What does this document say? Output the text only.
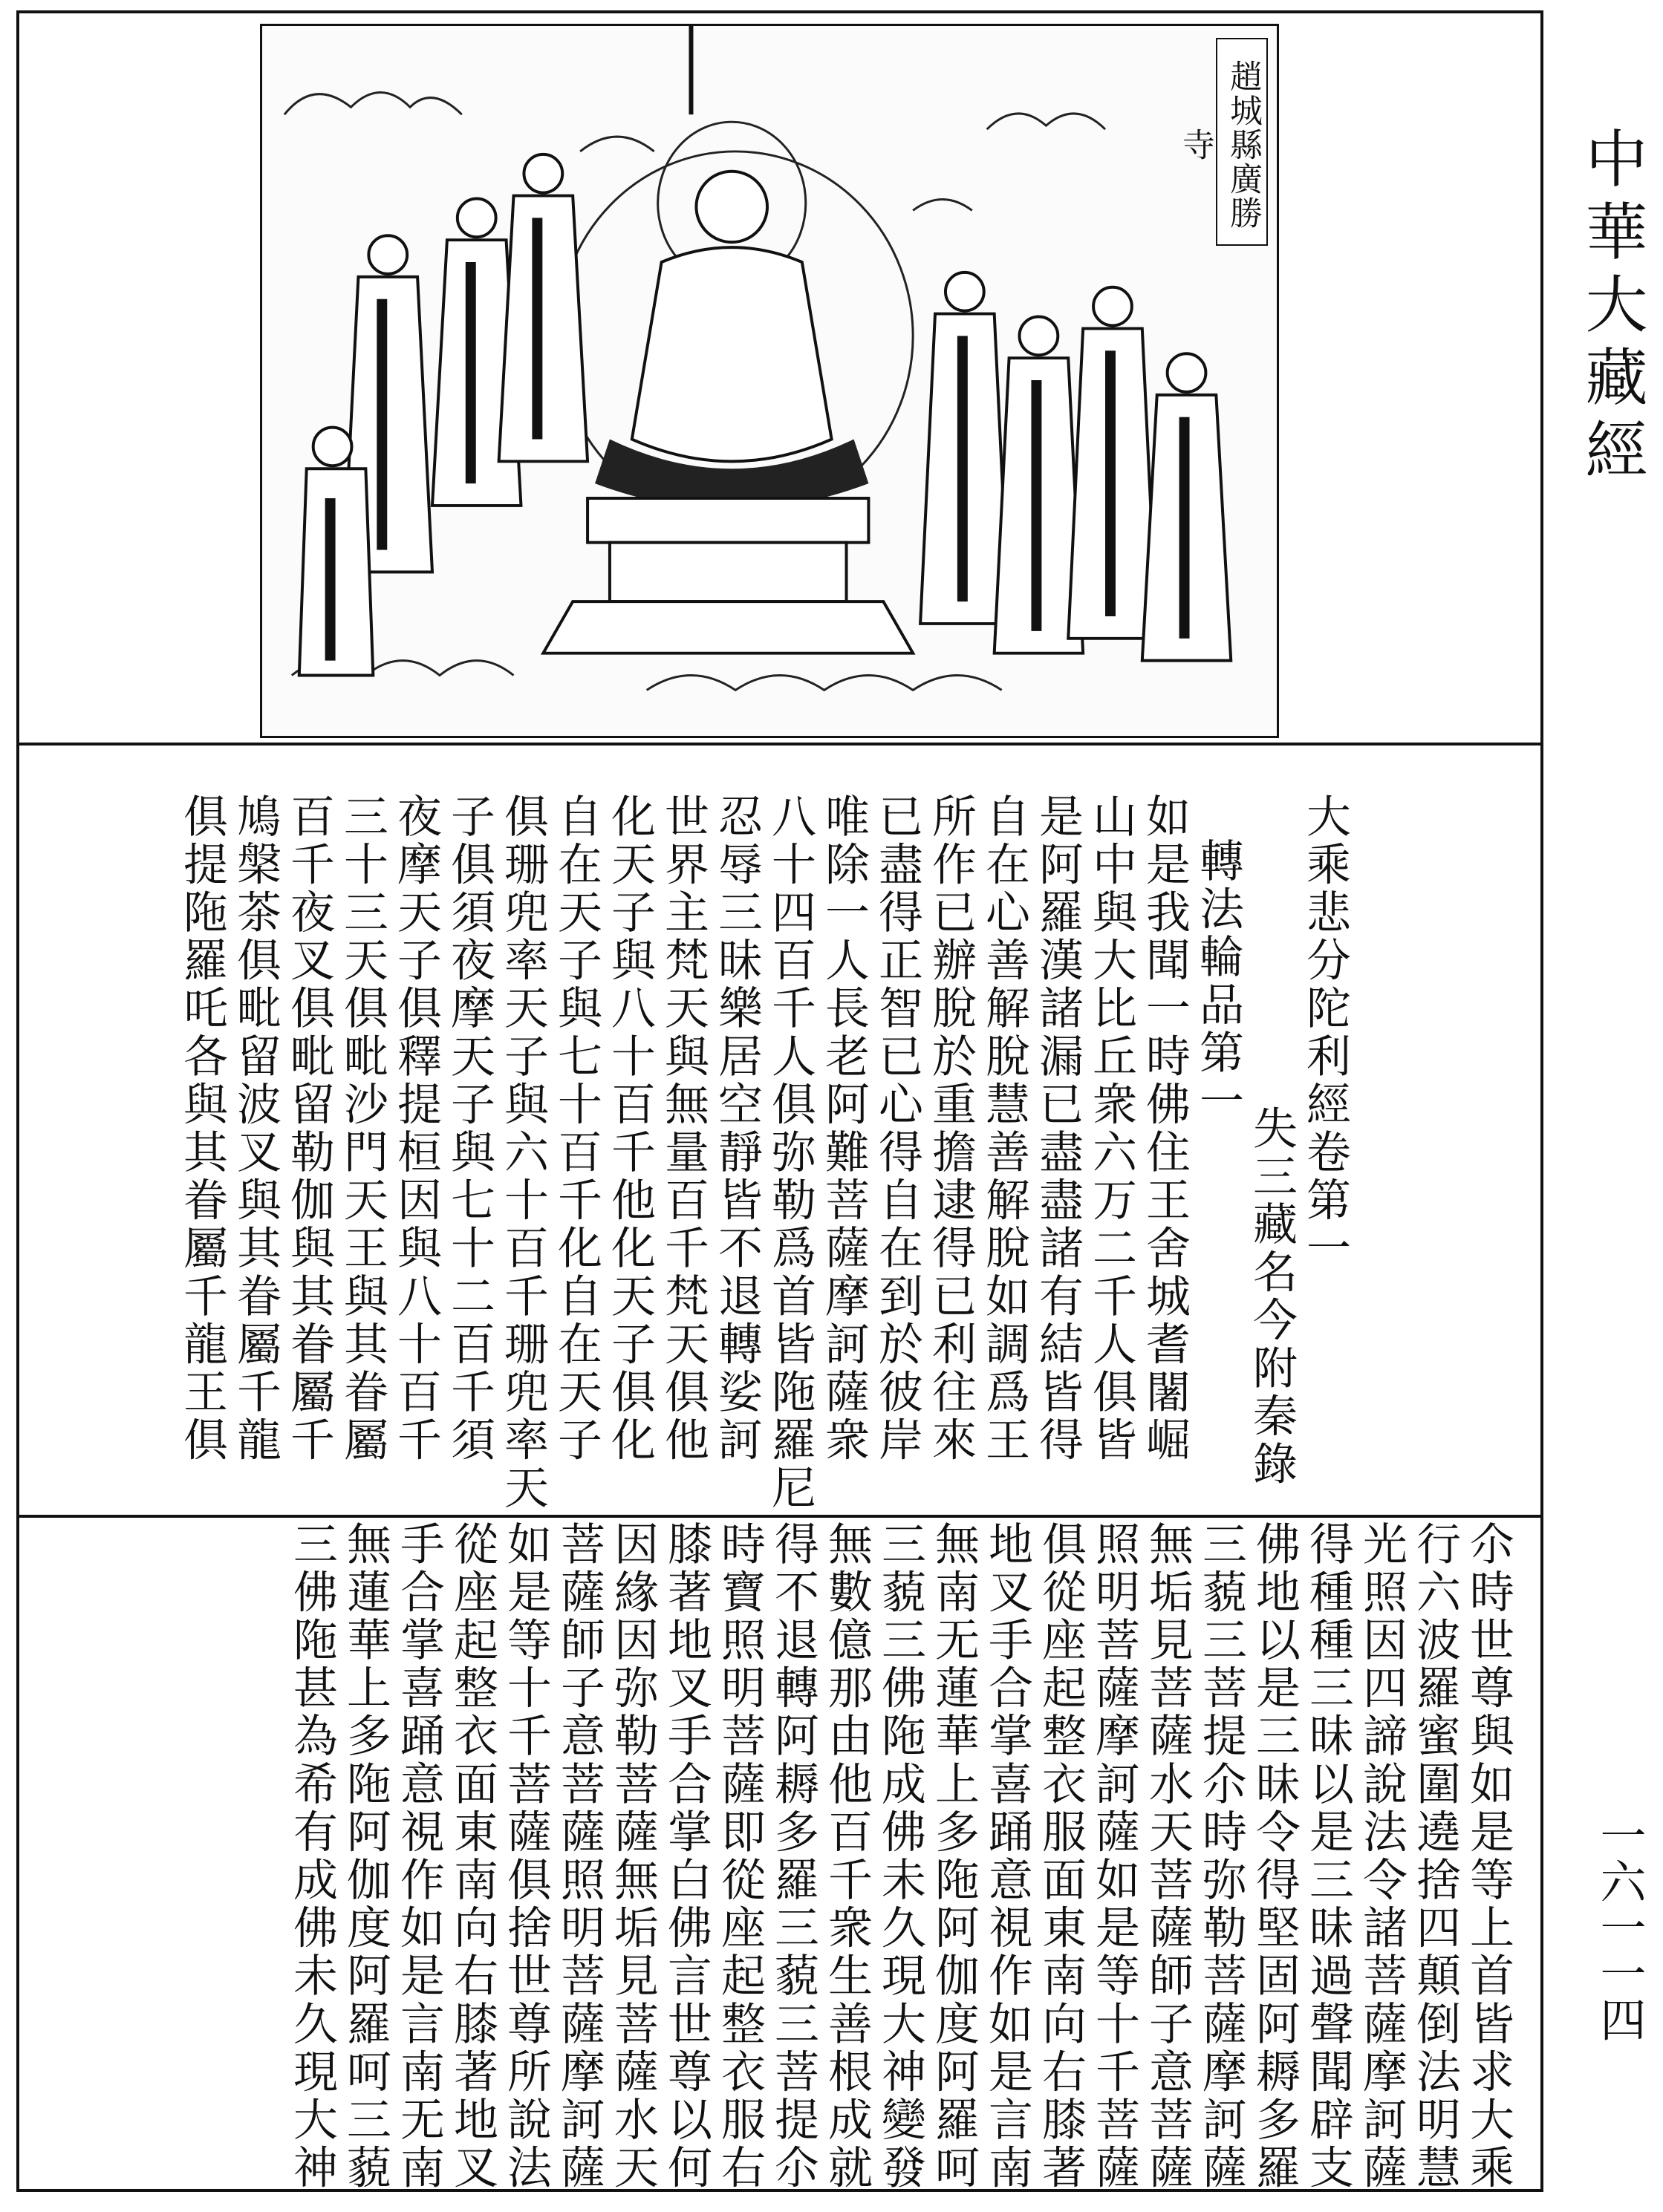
中華大藏經
一六一一四
趙城縣廣勝寺
大乘悲分陀利經卷第一
失三藏名今附秦錄
轉法輪品第一
如是我聞一時佛住王舍城耆闍崛
山中與大比丘衆六万二千人俱皆
是阿羅漢諸漏已盡盡諸有結皆得
自在心善解脫慧善解脫如調爲王
所作已辦脫於重擔逮得已利往來
已盡得正智已心得自在到於彼岸
唯除一人長老阿難菩薩摩訶薩衆
八十四百千人俱弥勒爲首皆陁羅尼
忍辱三昧樂居空靜皆不退轉娑訶
世界主梵天與無量百千梵天俱他
化天子與八十百千他化天子俱化
自在天子與七十百千化自在天子
俱珊兜率天子與六十百千珊兜率天
子俱須夜摩天子與七十二百千須
夜摩天子俱釋提桓因與八十百千
三十三天俱毗沙門天王與其眷屬
百千夜叉俱毗留勒伽與其眷屬千
鳩槃茶俱毗留波叉與其眷屬千龍
俱提陁羅吒各與其眷屬千龍王俱
尒時世尊與如是等上首皆求大乘
行六波羅蜜圍遶捨四顛倒法明慧
光照因四諦說法令諸菩薩摩訶薩
得種種三昧以是三昧過聲聞辟支
佛地以是三昧令得堅固阿耨多羅
三藐三菩提尒時弥勒菩薩摩訶薩
無垢見菩薩水天菩薩師子意菩薩
照明菩薩摩訶薩如是等十千菩薩
俱從座起整衣服面東南向右膝著
地叉手合掌喜踊意視作如是言南
無南无蓮華上多陁阿伽度阿羅呵
三藐三佛陁成佛未久現大神變發
無數億那由他百千衆生善根成就
得不退轉阿耨多羅三藐三菩提尒
時寶照明菩薩即從座起整衣服右
膝著地叉手合掌白佛言世尊以何
因緣因弥勒菩薩無垢見菩薩水天
菩薩師子意菩薩照明菩薩摩訶薩
如是等十千菩薩俱捨世尊所說法
從座起整衣面東南向右膝著地叉
手合掌喜踊意視作如是言南无南
無蓮華上多陁阿伽度阿羅呵三藐
三佛陁甚為希有成佛未久現大神
